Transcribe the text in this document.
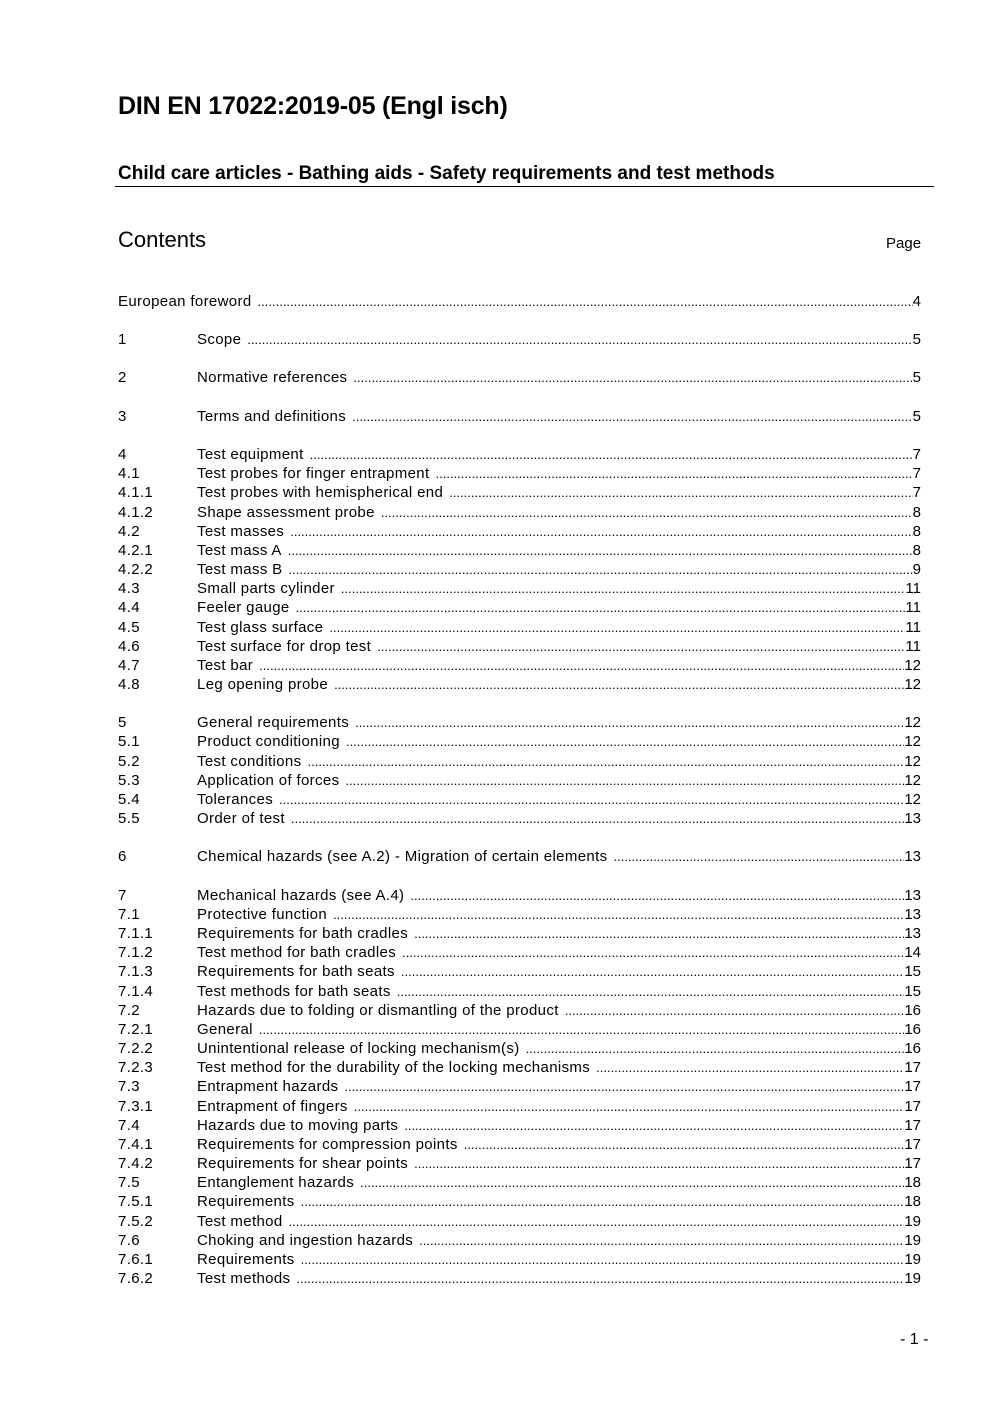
DIN EN 17022:2019-05 (Engl isch)
Child care articles - Bathing aids - Safety requirements and test methods
Contents	Page
European foreword .....	4
1	Scope .....	5
2	Normative references .....	5
3	Terms and definitions .....	5
4	Test equipment .....	7
4.1	Test probes for finger entrapment .....	7
4.1.1	Test probes with hemispherical end .....	7
4.1.2	Shape assessment probe .....	8
4.2	Test masses .....	8
4.2.1	Test mass A .....	8
4.2.2	Test mass B .....	9
4.3	Small parts cylinder .....	11
4.4	Feeler gauge .....	11
4.5	Test glass surface .....	11
4.6	Test surface for drop test .....	11
4.7	Test bar .....	12
4.8	Leg opening probe .....	12
5	General requirements .....	12
5.1	Product conditioning .....	12
5.2	Test conditions .....	12
5.3	Application of forces .....	12
5.4	Tolerances .....	12
5.5	Order of test .....	13
6	Chemical hazards (see A.2) - Migration of certain elements .....	13
7	Mechanical hazards (see A.4) .....	13
7.1	Protective function .....	13
7.1.1	Requirements for bath cradles .....	13
7.1.2	Test method for bath cradles .....	14
7.1.3	Requirements for bath seats .....	15
7.1.4	Test methods for bath seats .....	15
7.2	Hazards due to folding or dismantling of the product .....	16
7.2.1	General .....	16
7.2.2	Unintentional release of locking mechanism(s) .....	16
7.2.3	Test method for the durability of the locking mechanisms .....	17
7.3	Entrapment hazards .....	17
7.3.1	Entrapment of fingers .....	17
7.4	Hazards due to moving parts .....	17
7.4.1	Requirements for compression points .....	17
7.4.2	Requirements for shear points .....	17
7.5	Entanglement hazards .....	18
7.5.1	Requirements .....	18
7.5.2	Test method .....	19
7.6	Choking and ingestion hazards .....	19
7.6.1	Requirements .....	19
7.6.2	Test methods .....	19
- 1 -
